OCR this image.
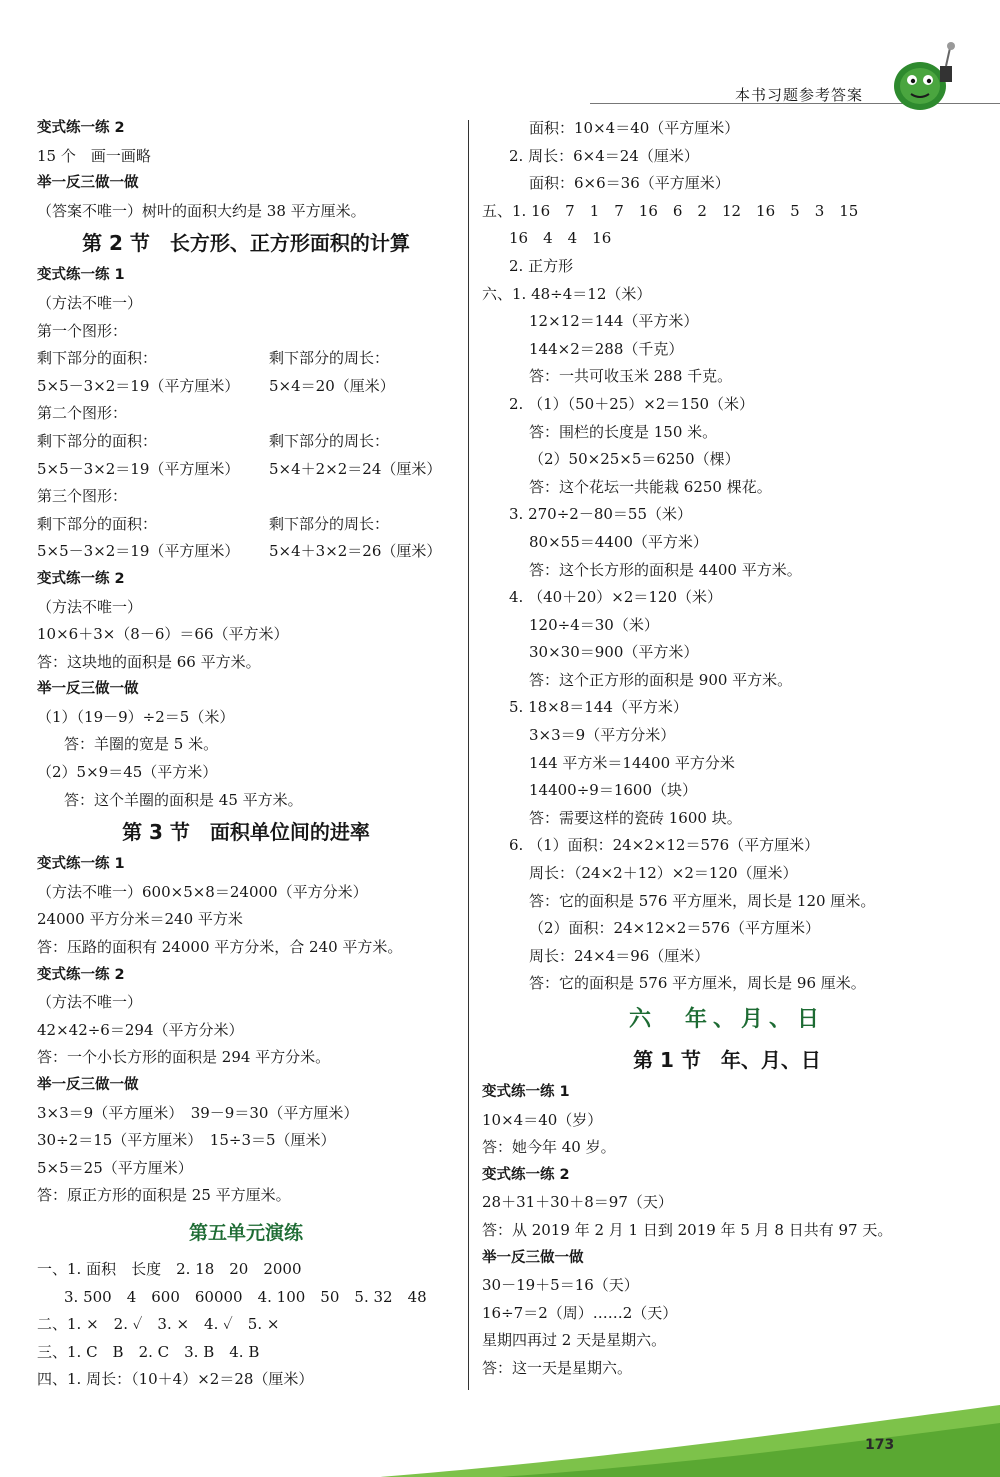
本书习题参考答案
变式练一练 2
15 个　画一画略
举一反三做一做
（答案不唯一）树叶的面积大约是 38 平方厘米。
第 2 节　长方形、正方形面积的计算
变式练一练 1
（方法不唯一）
第一个图形：
剩下部分的面积：	剩下部分的周长：
5×5－3×2＝19（平方厘米） 5×4＝20（厘米）
第二个图形：
剩下部分的面积：	剩下部分的周长：
5×5－3×2＝19（平方厘米） 5×4＋2×2＝24（厘米）
第三个图形：
剩下部分的面积：	剩下部分的周长：
5×5－3×2＝19（平方厘米） 5×4＋3×2＝26（厘米）
变式练一练 2
（方法不唯一）
10×6＋3×（8－6）＝66（平方米）
答：这块地的面积是 66 平方米。
举一反三做一做
（1）（19－9）÷2＝5（米）
答：羊圈的宽是 5 米。
（2）5×9＝45（平方米）
答：这个羊圈的面积是 45 平方米。
第 3 节　面积单位间的进率
变式练一练 1
（方法不唯一）600×5×8＝24000（平方分米）
24000 平方分米＝240 平方米
答：压路的面积有 24000 平方分米，合 240 平方米。
变式练一练 2
（方法不唯一）
42×42÷6＝294（平方分米）
答：一个小长方形的面积是 294 平方分米。
举一反三做一做
3×3＝9（平方厘米）　39－9＝30（平方厘米）
30÷2＝15（平方厘米）　15÷3＝5（厘米）
5×5＝25（平方厘米）
答：原正方形的面积是 25 平方厘米。
第五单元演练
一、1. 面积　长度　2. 18　20　2000
3. 500　4　600　60000　4. 100　50　5. 32　48
二、1. ×　2. ✓　3. ×　4. ✓　5. ×
三、1. C　B　2. C　3. B　4. B
四、1. 周长：（10＋4）×2＝28（厘米）
面积：10×4＝40（平方厘米）
2. 周长：6×4＝24（厘米）
面积：6×6＝36（平方厘米）
五、1. 16　7　1　7　16　6　2　12　16　5　3　15
16　4　4　16
2. 正方形
六、1. 48÷4＝12（米）
12×12＝144（平方米）
144×2＝288（千克）
答：一共可收玉米 288 千克。
2. （1）（50＋25）×2＝150（米）
答：围栏的长度是 150 米。
（2）50×25×5＝6250（棵）
答：这个花坛一共能栽 6250 棵花。
3. 270÷2－80＝55（米）
80×55＝4400（平方米）
答：这个长方形的面积是 4400 平方米。
4. （40＋20）×2＝120（米）
120÷4＝30（米）
30×30＝900（平方米）
答：这个正方形的面积是 900 平方米。
5. 18×8＝144（平方米）
3×3＝9（平方分米）
144 平方米＝14400 平方分米
14400÷9＝1600（块）
答：需要这样的瓷砖 1600 块。
6. （1）面积：24×2×12＝576（平方厘米）
周长：（24×2＋12）×2＝120（厘米）
答：它的面积是 576 平方厘米，周长是 120 厘米。
（2）面积：24×12×2＝576（平方厘米）
周长：24×4＝96（厘米）
答：它的面积是 576 平方厘米，周长是 96 厘米。
六　年、月、日
第 1 节　年、月、日
变式练一练 1
10×4＝40（岁）
答：她今年 40 岁。
变式练一练 2
28＋31＋30＋8＝97（天）
答：从 2019 年 2 月 1 日到 2019 年 5 月 8 日共有 97 天。
举一反三做一做
30－19＋5＝16（天）
16÷7＝2（周）……2（天）
星期四再过 2 天是星期六。
答：这一天是星期六。
173
